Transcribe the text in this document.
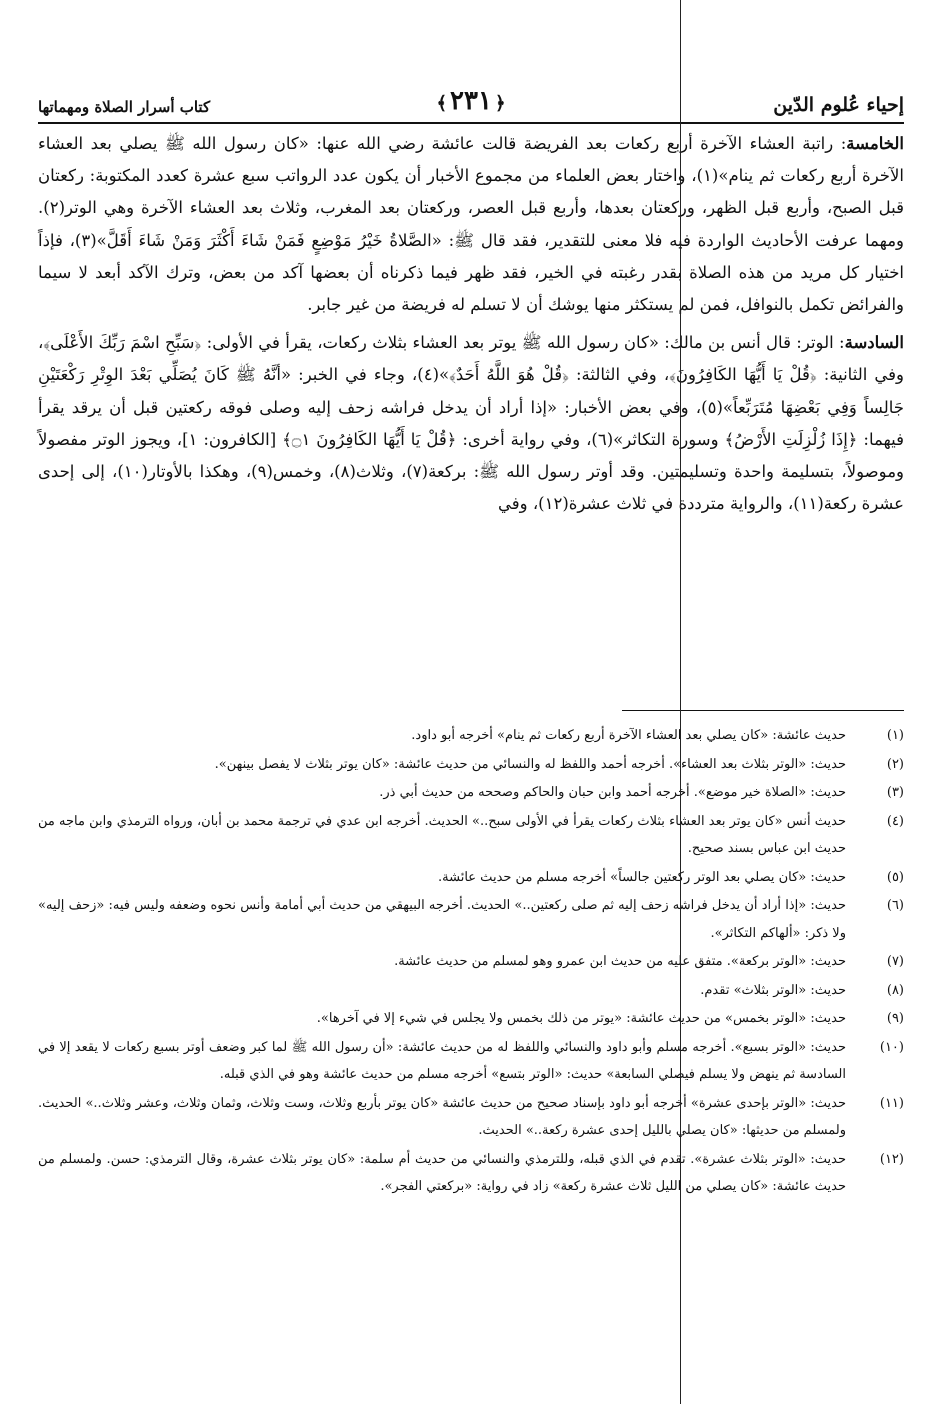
إحياء عُلوم الدّين
﴿٢٣١﴾
كتاب أسرار الصلاة ومهماتها

الخامسة: راتبة العشاء الآخرة أربع ركعات بعد الفريضة قالت عائشة رضي الله عنها: «كان رسول الله ﷺ يصلي بعد العشاء الآخرة أربع ركعات ثم ينام»(١)، واختار بعض العلماء من مجموع الأخبار أن يكون عدد الرواتب سبع عشرة كعدد المكتوبة: ركعتان قبل الصبح، وأربع قبل الظهر، وركعتان بعدها، وأربع قبل العصر، وركعتان بعد المغرب، وثلاث بعد العشاء الآخرة وهي الوتر(٢). ومهما عرفت الأحاديث الواردة فيه فلا معنى للتقدير، فقد قال ﷺ: «الصَّلاةُ خَيْرُ مَوْضِعٍ فَمَنْ شَاءَ أَكْثَرَ وَمَنْ شَاءَ أَقَلَّ»(٣)، فإذاً اختيار كل مريد من هذه الصلاة بقدر رغبته في الخير، فقد ظهر فيما ذكرناه أن بعضها آكد من بعض، وترك الآكد أبعد لا سيما والفرائض تكمل بالنوافل، فمن لم يستكثر منها يوشك أن لا تسلم له فريضة من غير جابر.

السادسة: الوتر: قال أنس بن مالك: «كان رسول الله ﷺ يوتر بعد العشاء بثلاث ركعات، يقرأ في الأولى: ﴿سَبِّحِ اسْمَ رَبِّكَ الأَعْلَى﴾، وفي الثانية: ﴿قُلْ يَا أَيُّهَا الكَافِرُونَ﴾، وفي الثالثة: ﴿قُلْ هُوَ اللَّهُ أَحَدٌ﴾»(٤)، وجاء في الخبر: «أنَّهُ ﷺ كَانَ يُصَلِّي بَعْدَ الوِتْرِ رَكْعَتَيْنِ جَالِساً وَفِي بَعْضِهَا مُتَرَبِّعاً»(٥)، وفي بعض الأخبار: «إذا أراد أن يدخل فراشه زحف إليه وصلى فوقه ركعتين قبل أن يرقد يقرأ فيهما: ﴿إِذَا زُلْزِلَتِ الأَرْضُ﴾ وسورة التكاثر»(٦)، وفي رواية أخرى: ﴿قُلْ يَا أَيُّهَا الكَافِرُونَ ۝١﴾ [الكافرون: ١]، ويجوز الوتر مفصولاً وموصولاً، بتسليمة واحدة وتسليمتين. وقد أوتر رسول الله ﷺ: بركعة(٧)، وثلاث(٨)، وخمس(٩)، وهكذا بالأوتار(١٠)، إلى إحدى عشرة ركعة(١١)، والرواية مترددة في ثلاث عشرة(١٢)، وفي

(١)
حديث عائشة: «كان يصلي بعد العشاء الآخرة أربع ركعات ثم ينام» أخرجه أبو داود.
(٢)
حديث: «الوتر بثلاث بعد العشاء». أخرجه أحمد واللفظ له والنسائي من حديث عائشة: «كان يوتر بثلاث لا يفصل بينهن».
(٣)
حديث: «الصلاة خير موضع». أخرجه أحمد وابن حبان والحاكم وصححه من حديث أبي ذر.
(٤)
حديث أنس «كان يوتر بعد العشاء بثلاث ركعات يقرأ في الأولى سبح..» الحديث. أخرجه ابن عدي في ترجمة محمد بن أبان، ورواه الترمذي وابن ماجه من حديث ابن عباس بسند صحيح.
(٥)
حديث: «كان يصلي بعد الوتر ركعتين جالساً» أخرجه مسلم من حديث عائشة.
(٦)
حديث: «إذا أراد أن يدخل فراشه زحف إليه ثم صلى ركعتين..» الحديث. أخرجه البيهقي من حديث أبي أمامة وأنس نحوه وضعفه وليس فيه: «زحف إليه» ولا ذكر: «ألهاكم التكاثر».
(٧)
حديث: «الوتر بركعة». متفق عليه من حديث ابن عمرو وهو لمسلم من حديث عائشة.
(٨)
حديث: «الوتر بثلاث» تقدم.
(٩)
حديث: «الوتر بخمس» من حديث عائشة: «يوتر من ذلك بخمس ولا يجلس في شيء إلا في آخرها».
(١٠)
حديث: «الوتر بسبع». أخرجه مسلم وأبو داود والنسائي واللفظ له من حديث عائشة: «أن رسول الله ﷺ لما كبر وضعف أوتر بسبع ركعات لا يقعد إلا في السادسة ثم ينهض ولا يسلم فيصلي السابعة» حديث: «الوتر بتسع» أخرجه مسلم من حديث عائشة وهو في الذي قبله.
(١١)
حديث: «الوتر بإحدى عشرة» أخرجه أبو داود بإسناد صحيح من حديث عائشة «كان يوتر بأربع وثلاث، وست وثلاث، وثمان وثلاث، وعشر وثلاث..» الحديث. ولمسلم من حديثها: «كان يصلي بالليل إحدى عشرة ركعة..» الحديث.
(١٢)
حديث: «الوتر بثلاث عشرة». تقدم في الذي قبله، وللترمذي والنسائي من حديث أم سلمة: «كان يوتر بثلاث عشرة، وقال الترمذي: حسن. ولمسلم من حديث عائشة: «كان يصلي من الليل ثلاث عشرة ركعة» زاد في رواية: «بركعتي الفجر».
